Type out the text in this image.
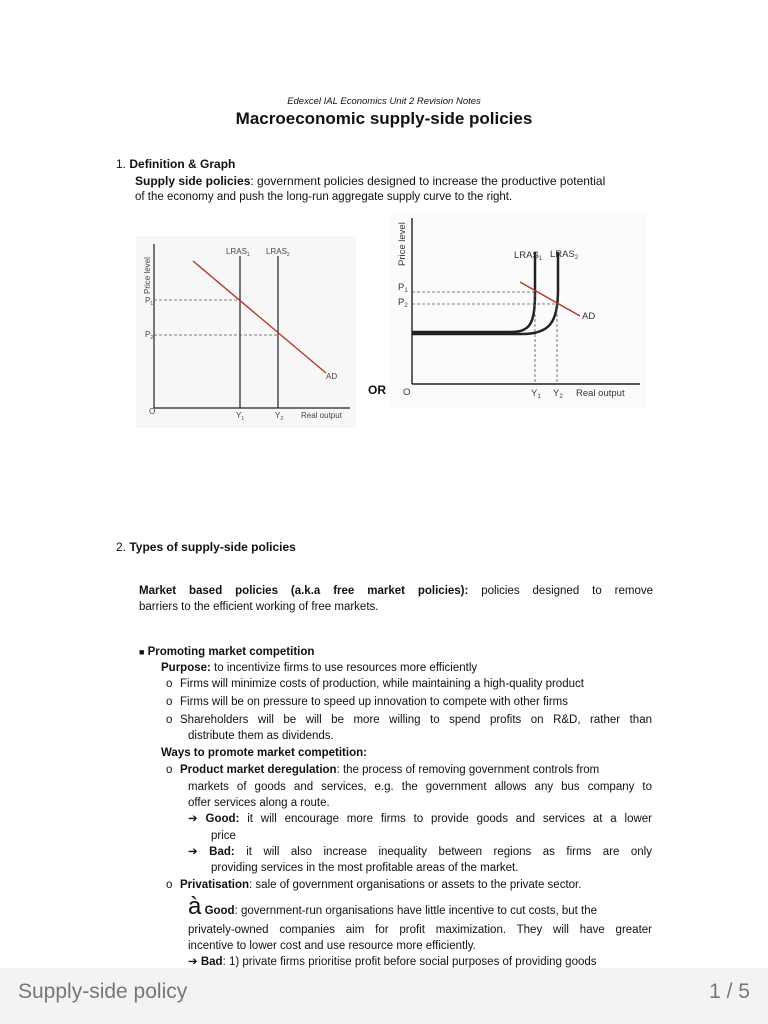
Edexcel IAL Economics Unit 2 Revision Notes
Macroeconomic supply-side policies
1. Definition & Graph
Supply side policies: government policies designed to increase the productive potential
of the economy and push the long-run aggregate supply curve to the right.
Price level
$LRAS_1$ $LRAS_2$
$P_1$
$P_2$
AD
O	$Y_1$	$Y_2$ Real output
OR
Price level	$LRAS_1$ $LRAS_2$
$P_1$
$P_2$
AD
O	$Y_1$ $Y_2$ Real output
2. Types of supply-side policies
Market based policies (a.k.a free market policies): policies designed to remove
barriers to the efficient working of free markets.
■ Promoting market competition
Purpose: to incentivize firms to use resources more efficiently
o Firms will minimize costs of production, while maintaining a high-quality product
o Firms will be on pressure to speed up innovation to compete with other firms
o Shareholders will be will be more willing to spend profits on R&D, rather than
distribute them as dividends.
Ways to promote market competition:
o Product market deregulation: the process of removing government controls from
markets of goods and services, e.g. the government allows any bus company to
offer services along a route.
➔ Good: it will encourage more firms to provide goods and services at a lower
price
➔ Bad: it will also increase inequality between regions as firms are only
providing services in the most profitable areas of the market.
o Privatisation: sale of government organisations or assets to the private sector.
à Good: government-run organisations have little incentive to cut costs, but the
privately-owned companies aim for profit maximization. They will have greater
incentive to lower cost and use resource more efficiently.
➔ Bad: 1) private firms prioritise profit before social purposes of providing goods
Supply-side policy	1 / 5
